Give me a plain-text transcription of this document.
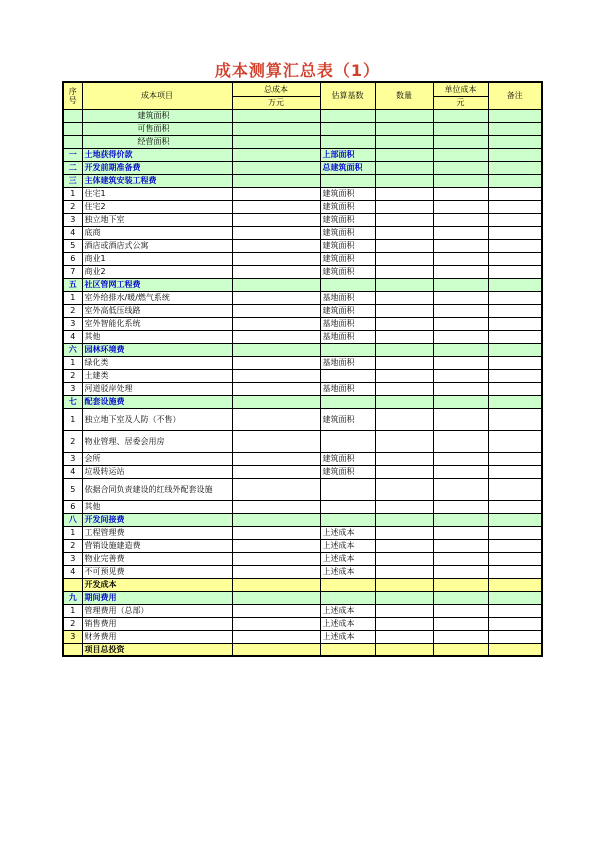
成本测算汇总表（1）
序号	成本项目	总成本	估算基数	数量	单位成本	备注
		万元			元	
	建筑面积					
	可售面积					
	经营面积					
一	土地获得价款		上部面积			
二	开发前期准备费		总建筑面积			
三	主体建筑安装工程费					
1	住宅1		建筑面积			
2	住宅2		建筑面积			
3	独立地下室		建筑面积			
4	底商		建筑面积			
5	酒店或酒店式公寓		建筑面积			
6	商业1		建筑面积			
7	商业2		建筑面积			
五	社区管网工程费					
1	室外给排水/暖/燃气系统		基地面积			
2	室外高低压线路		建筑面积			
3	室外智能化系统		基地面积			
4	其他		基地面积			
六	园林环境费					
1	绿化类		基地面积			
2	土建类					
3	河道驳岸处理		基地面积			
七	配套设施费					
1	独立地下室及人防（不售）		建筑面积			
2	物业管理、居委会用房					
3	会所		建筑面积			
4	垃圾转运站		建筑面积			
5	依据合同负责建设的红线外配套设施					
6	其他					
八	开发间接费					
1	工程管理费		上述成本			
2	营销设施建造费		上述成本			
3	物业完善费		上述成本			
4	不可预见费		上述成本			
	开发成本					
九	期间费用					
1	管理费用（总部）		上述成本			
2	销售费用		上述成本			
3	财务费用		上述成本			
	项目总投资					
